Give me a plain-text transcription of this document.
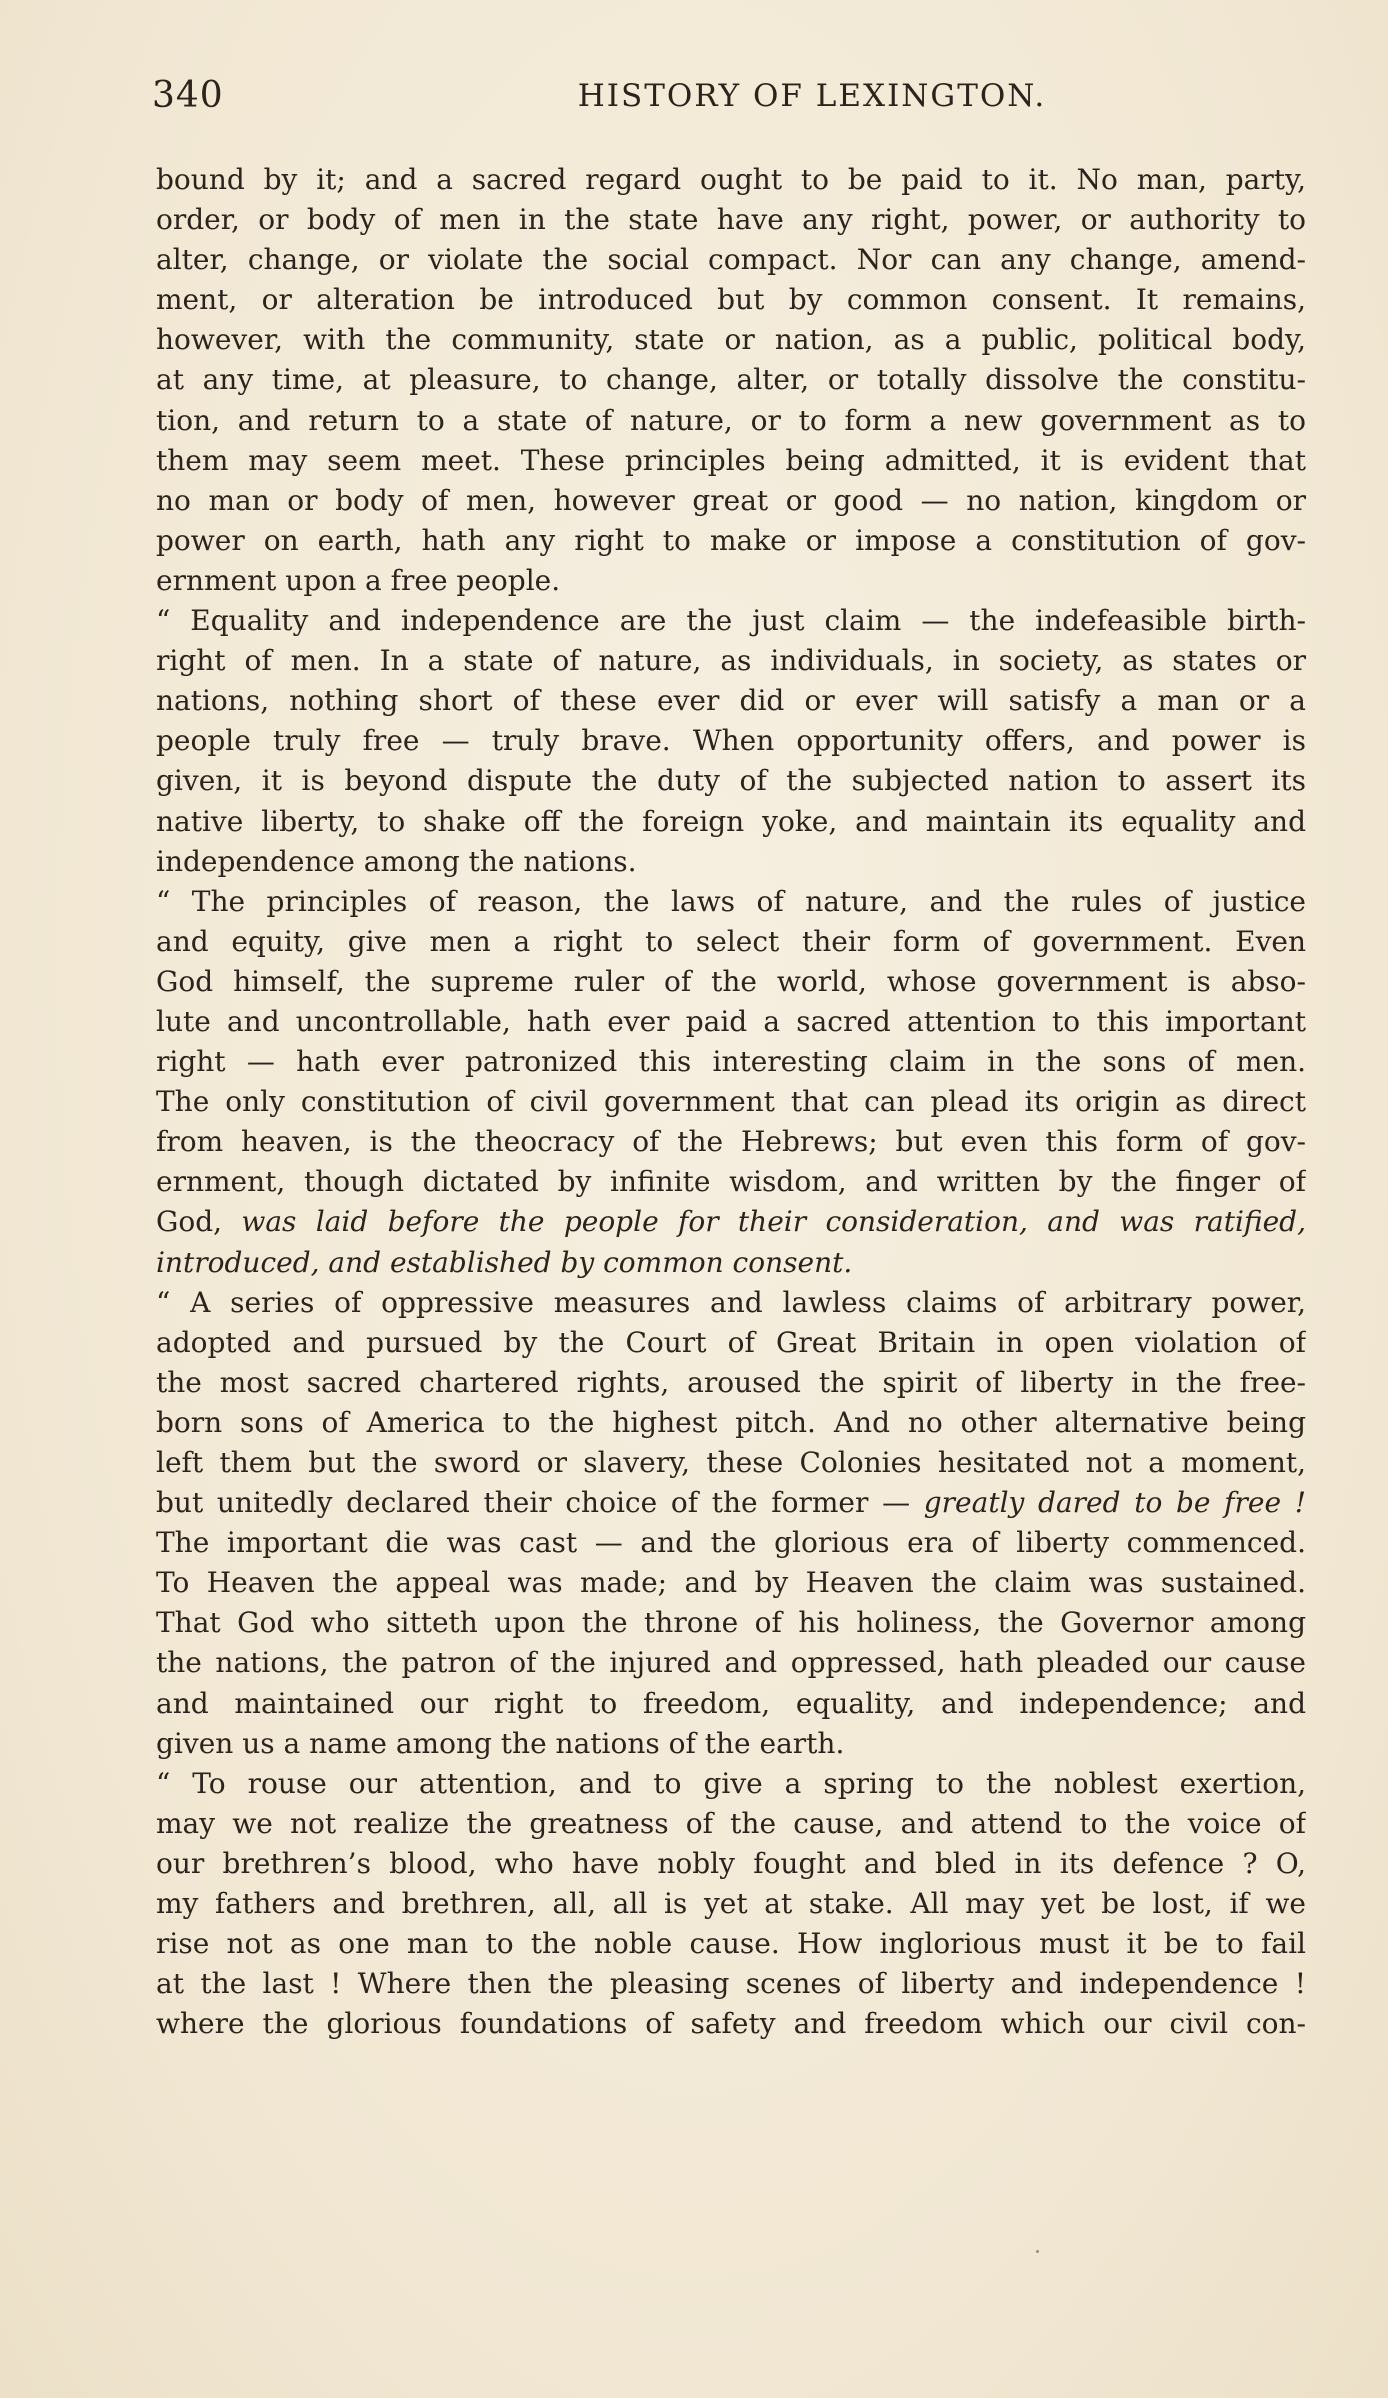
340	HISTORY OF LEXINGTON.
bound by it; and a sacred regard ought to be paid to it. No man, party,
order, or body of men in the state have any right, power, or authority to
alter, change, or violate the social compact. Nor can any change, amend-
ment, or alteration be introduced but by common consent. It remains,
however, with the community, state or nation, as a public, political body,
at any time, at pleasure, to change, alter, or totally dissolve the constitu-
tion, and return to a state of nature, or to form a new government as to
them may seem meet. These principles being admitted, it is evident that
no man or body of men, however great or good — no nation, kingdom or
power on earth, hath any right to make or impose a constitution of gov-
ernment upon a free people.
“ Equality and independence are the just claim — the indefeasible birth-
right of men. In a state of nature, as individuals, in society, as states or
nations, nothing short of these ever did or ever will satisfy a man or a
people truly free — truly brave. When opportunity offers, and power is
given, it is beyond dispute the duty of the subjected nation to assert its
native liberty, to shake off the foreign yoke, and maintain its equality and
independence among the nations.
“ The principles of reason, the laws of nature, and the rules of justice
and equity, give men a right to select their form of government. Even
God himself, the supreme ruler of the world, whose government is abso-
lute and uncontrollable, hath ever paid a sacred attention to this important
right — hath ever patronized this interesting claim in the sons of men.
The only constitution of civil government that can plead its origin as direct
from heaven, is the theocracy of the Hebrews; but even this form of gov-
ernment, though dictated by infinite wisdom, and written by the finger of
God, was laid before the people for their consideration, and was ratified,
introduced, and established by common consent.
“ A series of oppressive measures and lawless claims of arbitrary power,
adopted and pursued by the Court of Great Britain in open violation of
the most sacred chartered rights, aroused the spirit of liberty in the free-
born sons of America to the highest pitch. And no other alternative being
left them but the sword or slavery, these Colonies hesitated not a moment,
but unitedly declared their choice of the former — greatly dared to be free !
The important die was cast — and the glorious era of liberty commenced.
To Heaven the appeal was made; and by Heaven the claim was sustained.
That God who sitteth upon the throne of his holiness, the Governor among
the nations, the patron of the injured and oppressed, hath pleaded our cause
and maintained our right to freedom, equality, and independence; and
given us a name among the nations of the earth.
“ To rouse our attention, and to give a spring to the noblest exertion,
may we not realize the greatness of the cause, and attend to the voice of
our brethren’s blood, who have nobly fought and bled in its defence ? O,
my fathers and brethren, all, all is yet at stake. All may yet be lost, if we
rise not as one man to the noble cause. How inglorious must it be to fail
at the last ! Where then the pleasing scenes of liberty and independence !
where the glorious foundations of safety and freedom which our civil con-
